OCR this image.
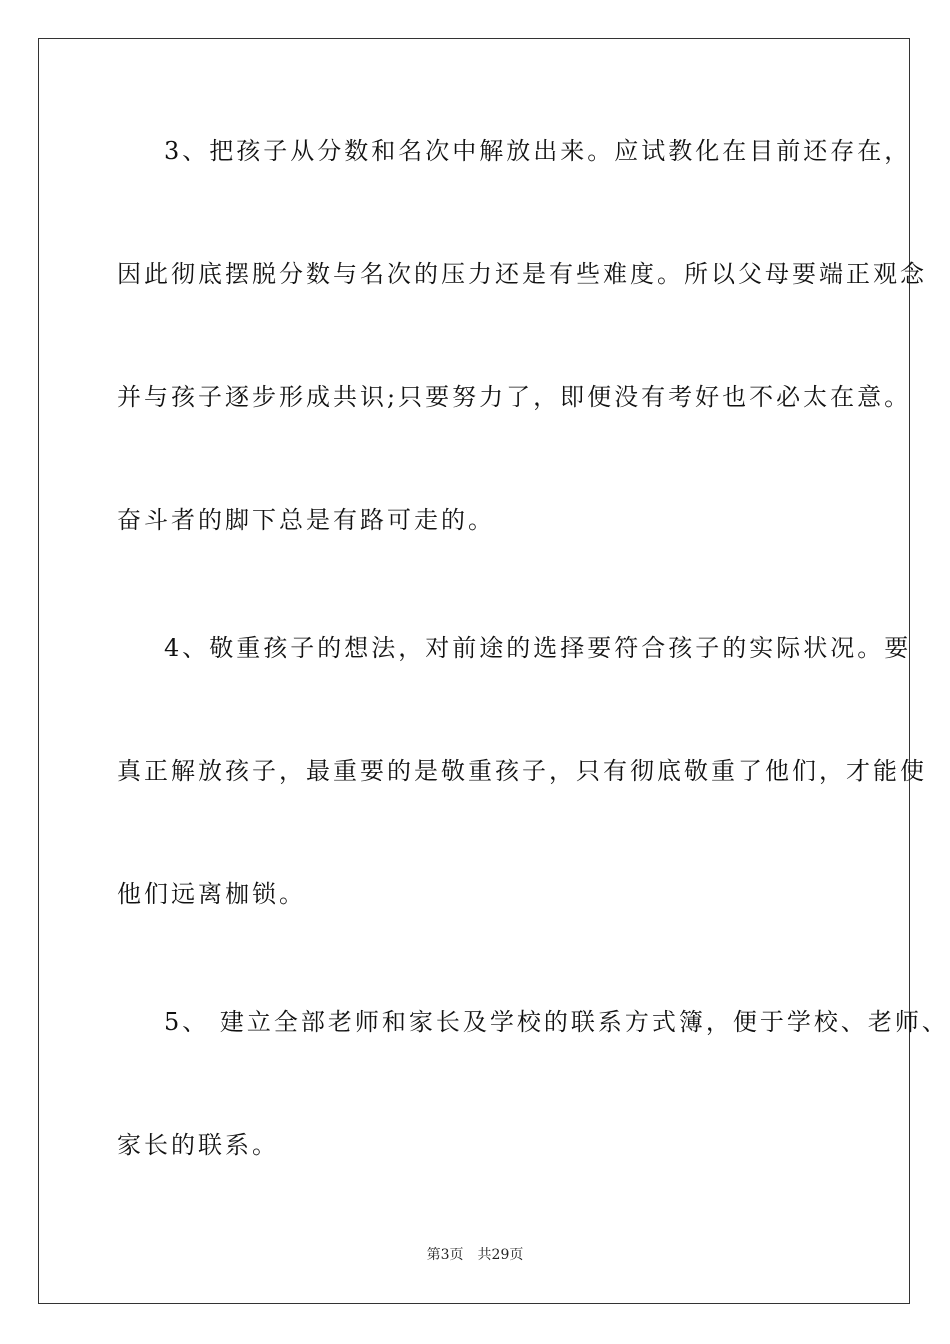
3、把孩子从分数和名次中解放出来。应试教化在目前还存在，
因此彻底摆脱分数与名次的压力还是有些难度。所以父母要端正观念
并与孩子逐步形成共识;只要努力了，即便没有考好也不必太在意。
奋斗者的脚下总是有路可走的。
4、敬重孩子的想法，对前途的选择要符合孩子的实际状况。要
真正解放孩子，最重要的是敬重孩子，只有彻底敬重了他们，才能使
他们远离枷锁。
5、 建立全部老师和家长及学校的联系方式簿，便于学校、老师、
家长的联系。
第3页 共29页
